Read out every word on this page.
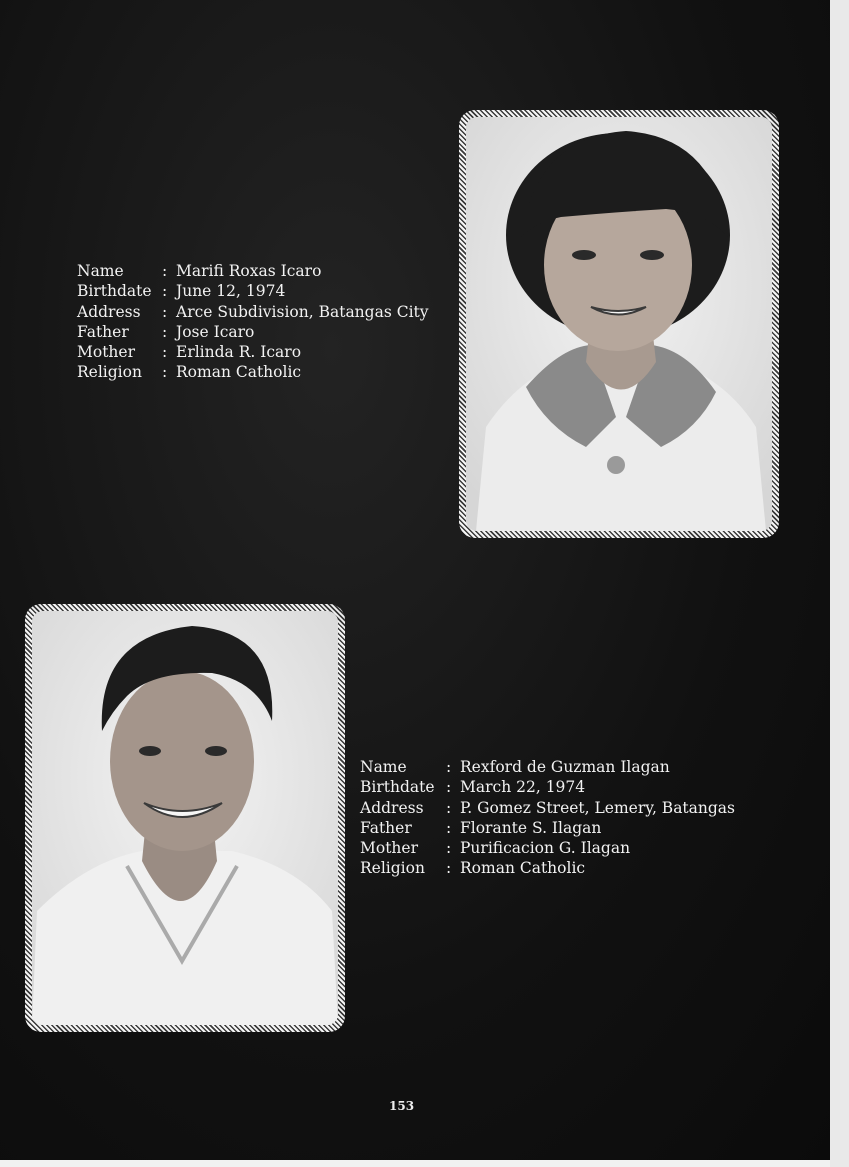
Name	: Marifi Roxas Icaro
Birthdate : June 12, 1974
Address	: Arce Subdivision, Batangas City
Father	: Jose Icaro
Mother	: Erlinda R. Icaro
Religion	: Roman Catholic
Name	: Rexford de Guzman Ilagan
Birthdate : March 22, 1974
Address	: P. Gomez Street, Lemery, Batangas
Father	: Florante S. Ilagan
Mother	: Purificacion G. Ilagan
Religion	: Roman Catholic
153
